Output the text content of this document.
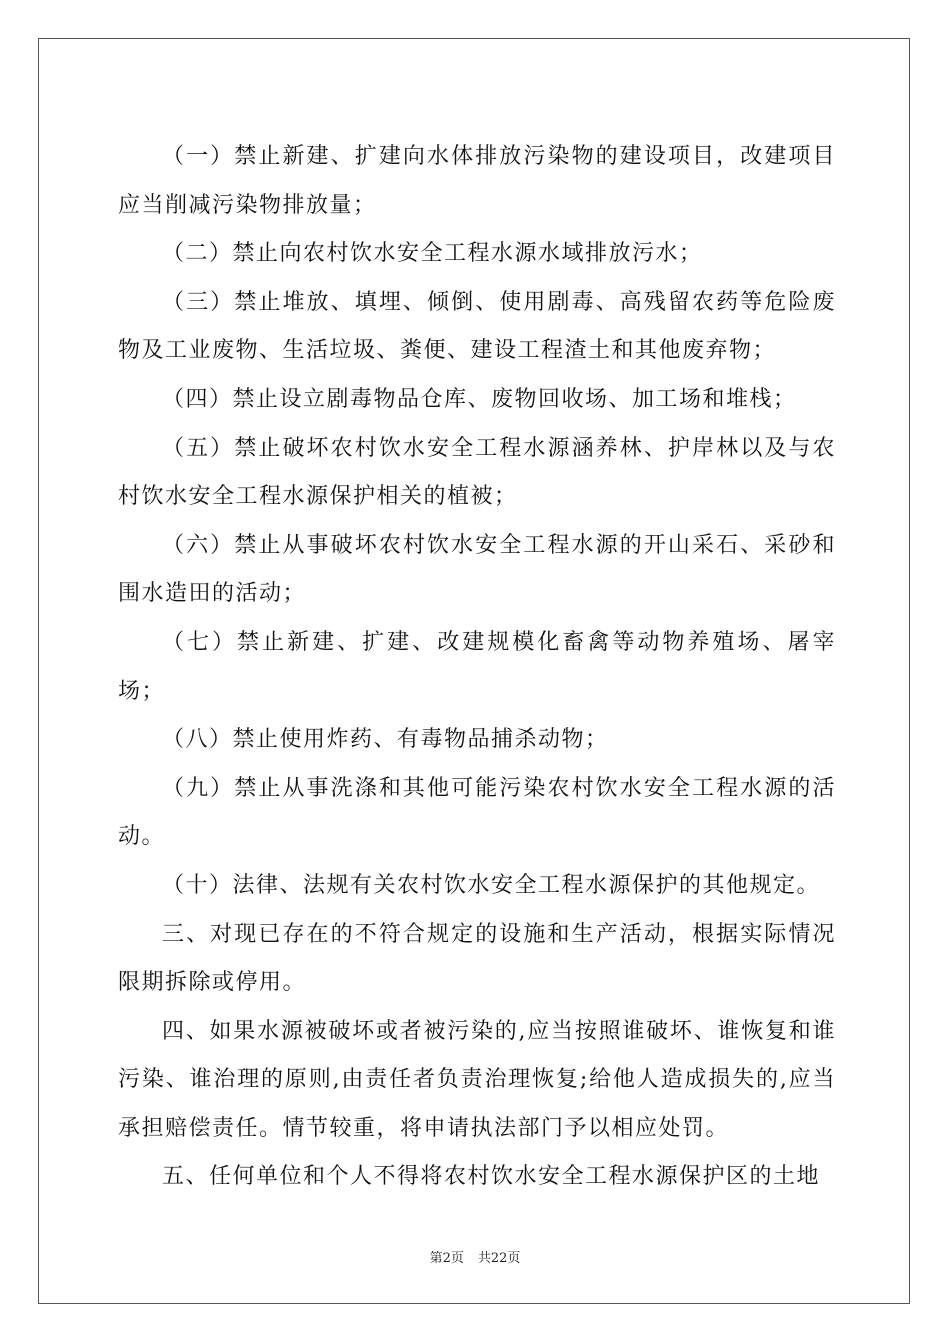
（一）禁止新建、扩建向水体排放污染物的建设项目，改建项目应当削减污染物排放量；

（二）禁止向农村饮水安全工程水源水域排放污水；

（三）禁止堆放、填埋、倾倒、使用剧毒、高残留农药等危险废物及工业废物、生活垃圾、粪便、建设工程渣土和其他废弃物；

（四）禁止设立剧毒物品仓库、废物回收场、加工场和堆栈；

（五）禁止破坏农村饮水安全工程水源涵养林、护岸林以及与农村饮水安全工程水源保护相关的植被；

（六）禁止从事破坏农村饮水安全工程水源的开山采石、采砂和围水造田的活动；

（七）禁止新建、扩建、改建规模化畜禽等动物养殖场、屠宰场；

（八）禁止使用炸药、有毒物品捕杀动物；

（九）禁止从事洗涤和其他可能污染农村饮水安全工程水源的活动。

（十）法律、法规有关农村饮水安全工程水源保护的其他规定。

三、对现已存在的不符合规定的设施和生产活动，根据实际情况限期拆除或停用。

四、如果水源被破坏或者被污染的,应当按照谁破坏、谁恢复和谁污染、谁治理的原则,由责任者负责治理恢复;给他人造成损失的,应当承担赔偿责任。情节较重，将申请执法部门予以相应处罚。

五、任何单位和个人不得将农村饮水安全工程水源保护区的土地

第2页 共22页
